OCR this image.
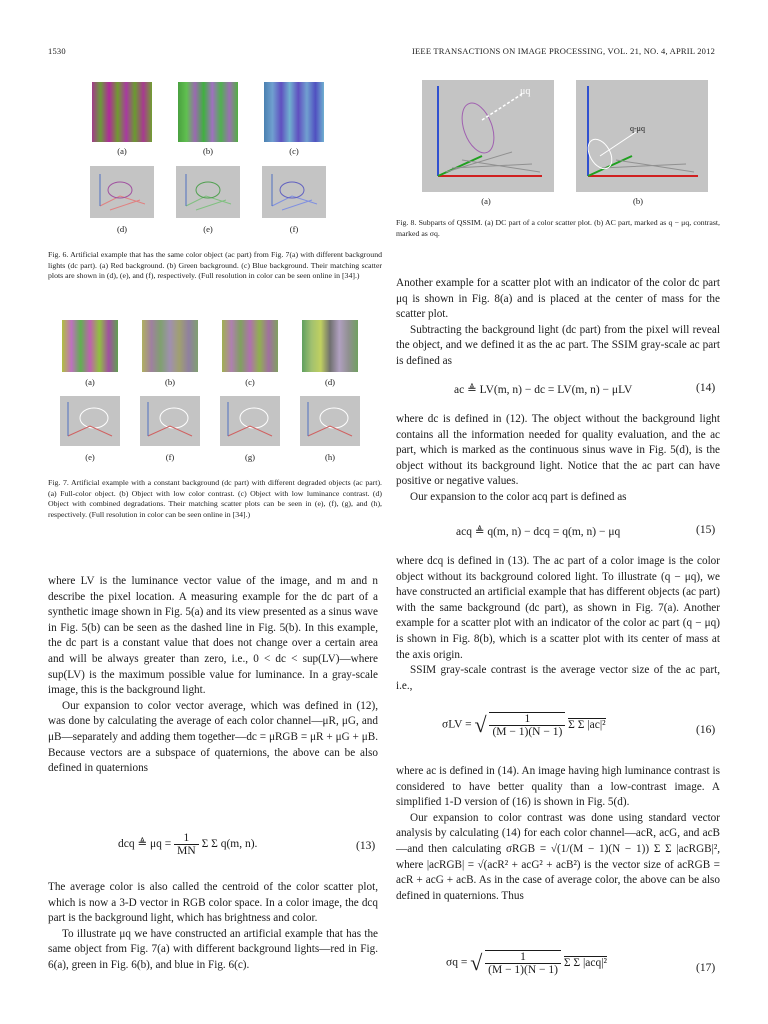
1530	IEEE TRANSACTIONS ON IMAGE PROCESSING, VOL. 21, NO. 4, APRIL 2012
(a)	(b)	(c)
(d)	(e)	(f)
Fig. 6. Artificial example that has the same color object (ac part) from Fig. 7(a) with different background lights (dc part). (a) Red background. (b) Green background. (c) Blue background. Their matching scatter plots are shown in (d), (e), and (f), respectively. (Full resolution in color can be seen online in [34].)
(a)	(b)	(c)	(d)
(e)	(f)	(g)	(h)
Fig. 7. Artificial example with a constant background (dc part) with different degraded objects (ac part). (a) Full-color object. (b) Object with low color contrast. (c) Object with low luminance contrast. (d) Object with combined degradations. Their matching scatter plots can be seen in (e), (f), (g), and (h), respectively. (Full resolution in color can be seen online in [34].)
μq
q-μq
(a)	(b)
Fig. 8. Subparts of QSSIM. (a) DC part of a color scatter plot. (b) AC part, marked as q − μq, contrast, marked as σq.

where LV is the luminance vector value of the image, and m and n describe the pixel location. A measuring example for the dc part of a synthetic image shown in Fig. 5(a) and its view presented as a sinus wave in Fig. 5(b) can be seen as the dashed line in Fig. 5(b). In this example, the dc part is a constant value that does not change over a certain area and will be always greater than zero, i.e., 0 < dc < sup(LV)—where sup(LV) is the maximum possible value for luminance. In a gray-scale image, this is the background light.

Our expansion to color vector average, which was defined in (12), was done by calculating the average of each color channel—μR, μG, and μB—separately and adding them together—dc = μRGB = μR + μG + μB. Because vectors are a subspace of quaternions, the above can be also defined in quaternions

dcq ≜ $\mu q = \frac{1}{MN}$ Σ Σ q(m, n).	(13)

The average color is also called the centroid of the color scatter plot, which is now a 3-D vector in RGB color space. In a color image, the dcq part is the background light, which has brightness and color.

To illustrate μq we have constructed an artificial example that has the same object from Fig. 7(a) with different background lights—red in Fig. 6(a), green in Fig. 6(b), and blue in Fig. 6(c).

Another example for a scatter plot with an indicator of the color dc part μq is shown in Fig. 8(a) and is placed at the center of mass for the scatter plot.

Subtracting the background light (dc part) from the pixel will reveal the object, and we defined it as the ac part. The SSIM gray-scale ac part is defined as

ac ≜ LV(m, n) − dc = LV(m, n) − μLV	(14)

where dc is defined in (12). The object without the background light contains all the information needed for quality evaluation, and the ac part, which is marked as the continuous sinus wave in Fig. 5(d), is the object without its background light. Notice that the ac part can have positive or negative values.

Our expansion to the color acq part is defined as

acq ≜ q(m, n) − dcq = q(m, n) − μq	(15)

where dcq is defined in (13). The ac part of a color image is the color object without its background colored light. To illustrate (q − μq), we have constructed an artificial example that has different objects (ac part) with the same background (dc part), as shown in Fig. 7(a). Another example for a scatter plot with an indicator of the color ac part (q − μq) is shown in Fig. 8(b), which is a scatter plot with its center of mass at the axis origin.

SSIM gray-scale contrast is the average vector size of the ac part, i.e.,

σLV = √ $\frac{1}{(M - 1)(N - 1)}$ Σ Σ |ac|²	(16)

where ac is defined in (14). An image having high luminance contrast is considered to have better quality than a low-contrast image. A simplified 1-D version of (16) is shown in Fig. 5(d).

Our expansion to color contrast was done using standard vector analysis by calculating (14) for each color channel—acR, acG, and acB—and then calculating σRGB = √(1/(M − 1)(N − 1)) Σ Σ |acRGB|², where |acRGB| = √(acR² + acG² + acB²) is the vector size of acRGB = acR + acG + acB. As in the case of average color, the above can be also defined in quaternions. Thus

σq = √ $\frac{1}{(M - 1)(N - 1)}$ Σ Σ |acq|²	(17)
